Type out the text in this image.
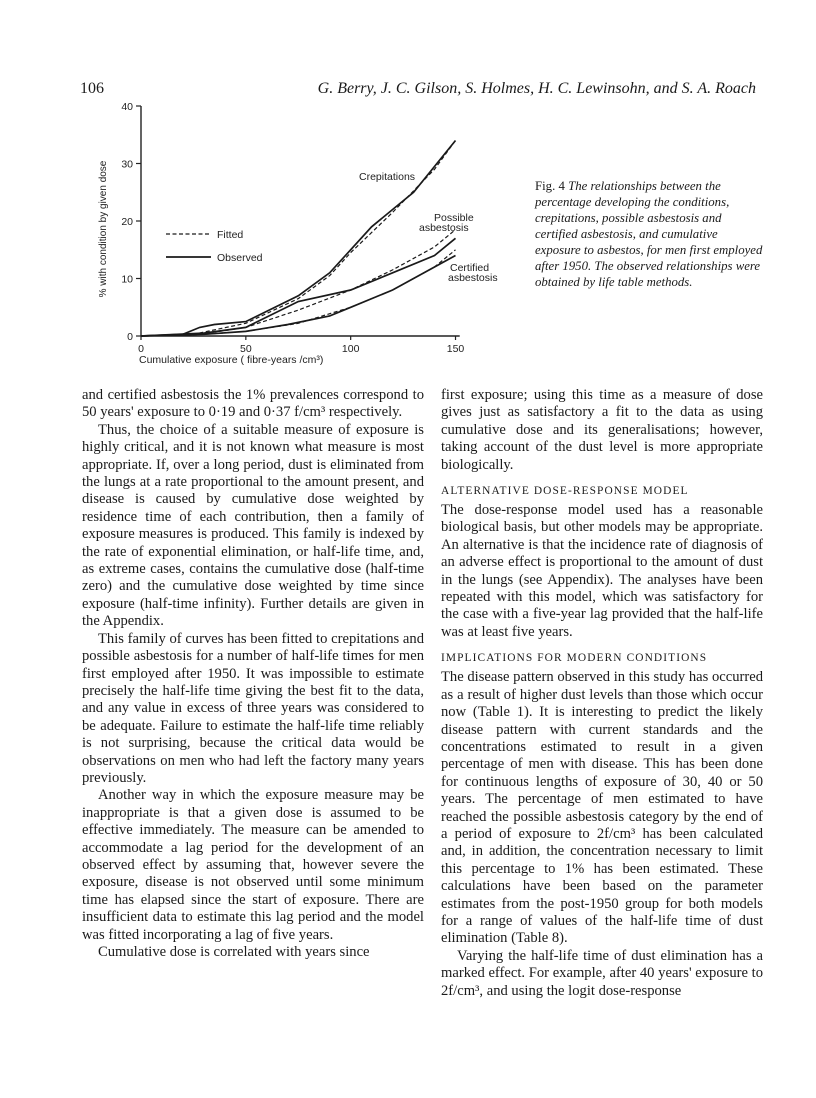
106	G. Berry, J. C. Gilson, S. Holmes, H. C. Lewinsohn, and S. A. Roach
0
10
20
30
40
0	50	100	150
Cumulative exposure ( fibre-years /cm³)
% with condition by given dose	Fitted
Observed
Crepitations
Possible
asbestosis
Certified
asbestosis
Fig. 4 The relationships between the percentage developing the conditions, crepitations, possible asbestosis and certified asbestosis, and cumulative exposure to asbestos, for men first employed after 1950. The observed relationships were obtained by life table methods.

and certified asbestosis the 1% prevalences correspond to 50 years' exposure to 0·19 and 0·37 f/cm³ respectively.

Thus, the choice of a suitable measure of exposure is highly critical, and it is not known what measure is most appropriate. If, over a long period, dust is eliminated from the lungs at a rate proportional to the amount present, and disease is caused by cumulative dose weighted by residence time of each contribution, then a family of exposure measures is produced. This family is indexed by the rate of exponential elimination, or half-life time, and, as extreme cases, contains the cumulative dose (half-time zero) and the cumulative dose weighted by time since exposure (half-time infinity). Further details are given in the Appendix.

This family of curves has been fitted to crepitations and possible asbestosis for a number of half-life times for men first employed after 1950. It was impossible to estimate precisely the half-life time giving the best fit to the data, and any value in excess of three years was considered to be adequate. Failure to estimate the half-life time reliably is not surprising, because the critical data would be observations on men who had left the factory many years previously.

Another way in which the exposure measure may be inappropriate is that a given dose is assumed to be effective immediately. The measure can be amended to accommodate a lag period for the development of an observed effect by assuming that, however severe the exposure, disease is not observed until some minimum time has elapsed since the start of exposure. There are insufficient data to estimate this lag period and the model was fitted incorporating a lag of five years.

Cumulative dose is correlated with years since

first exposure; using this time as a measure of dose gives just as satisfactory a fit to the data as using cumulative dose and its generalisations; however, taking account of the dust level is more appropriate biologically.

ALTERNATIVE DOSE-RESPONSE MODEL

The dose-response model used has a reasonable biological basis, but other models may be appropriate. An alternative is that the incidence rate of diagnosis of an adverse effect is proportional to the amount of dust in the lungs (see Appendix). The analyses have been repeated with this model, which was satisfactory for the case with a five-year lag provided that the half-life was at least five years.

IMPLICATIONS FOR MODERN CONDITIONS

The disease pattern observed in this study has occurred as a result of higher dust levels than those which occur now (Table 1). It is interesting to predict the likely disease pattern with current standards and the concentrations estimated to result in a given percentage of men with disease. This has been done for continuous lengths of exposure of 30, 40 or 50 years. The percentage of men estimated to have reached the possible asbestosis category by the end of a period of exposure to 2f/cm³ has been calculated and, in addition, the concentration necessary to limit this percentage to 1% has been estimated. These calculations have been based on the parameter estimates from the post-1950 group for both models for a range of values of the half-life time of dust elimination (Table 8).

Varying the half-life time of dust elimination has a marked effect. For example, after 40 years' exposure to 2f/cm³, and using the logit dose-response
